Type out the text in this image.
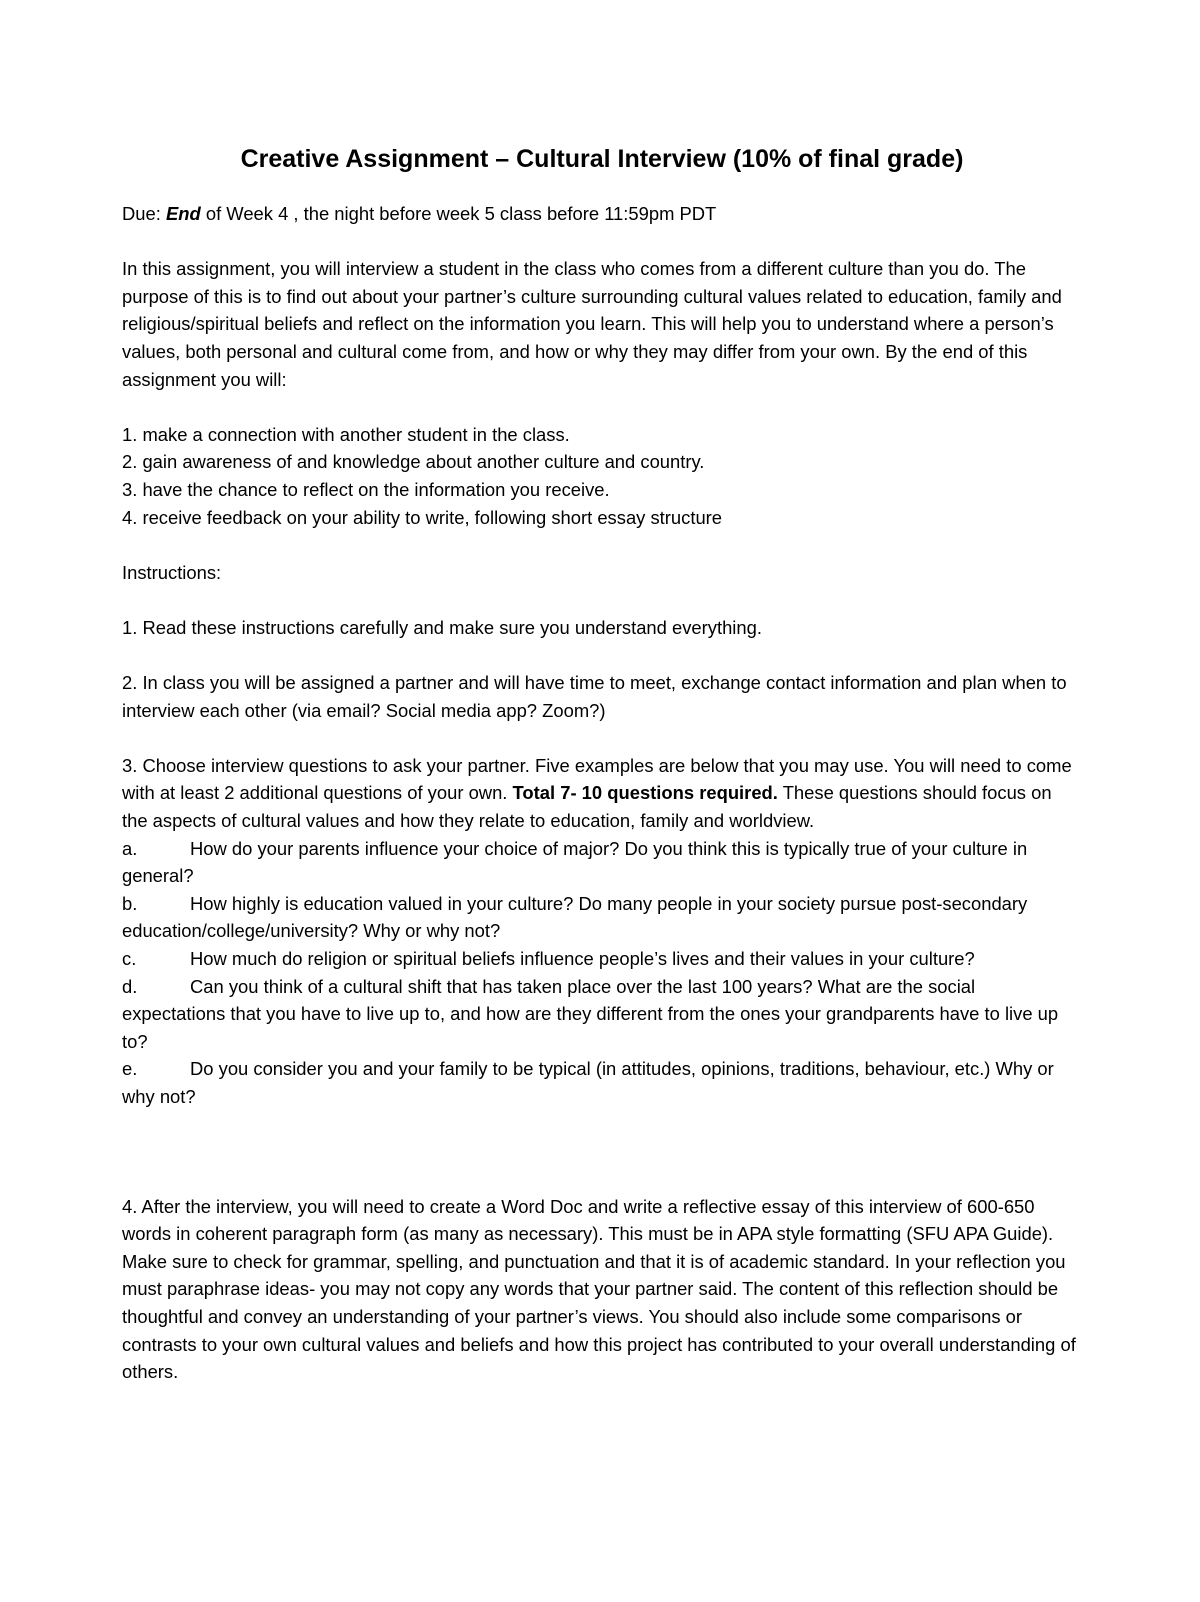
Creative Assignment – Cultural Interview (10% of final grade)

Due: End of Week 4 , the night before week 5 class before 11:59pm PDT

In this assignment, you will interview a student in the class who comes from a different culture than you do. The purpose of this is to find out about your partner’s culture surrounding cultural values related to education, family and religious/spiritual beliefs and reflect on the information you learn. This will help you to understand where a person’s values, both personal and cultural come from, and how or why they may differ from your own. By the end of this assignment you will:

1. make a connection with another student in the class.

2. gain awareness of and knowledge about another culture and country.

3. have the chance to reflect on the information you receive.

4. receive feedback on your ability to write, following short essay structure

Instructions:

1. Read these instructions carefully and make sure you understand everything.

2. In class you will be assigned a partner and will have time to meet, exchange contact information and plan when to interview each other (via email? Social media app? Zoom?)

3. Choose interview questions to ask your partner. Five examples are below that you may use. You will need to come with at least 2 additional questions of your own. Total 7- 10 questions required. These questions should focus on the aspects of cultural values and how they relate to education, family and worldview.

a.	How do your parents influence your choice of major? Do you think this is typically true of your culture in general?

b.	How highly is education valued in your culture? Do many people in your society pursue post-secondary education/college/university? Why or why not?

c.	How much do religion or spiritual beliefs influence people’s lives and their values in your culture?

d.	Can you think of a cultural shift that has taken place over the last 100 years? What are the social expectations that you have to live up to, and how are they different from the ones your grandparents have to live up to?

e.	Do you consider you and your family to be typical (in attitudes, opinions, traditions, behaviour, etc.) Why or why not?

4. After the interview, you will need to create a Word Doc and write a reflective essay of this interview of 600-650 words in coherent paragraph form (as many as necessary). This must be in APA style formatting (SFU APA Guide). Make sure to check for grammar, spelling, and punctuation and that it is of academic standard. In your reflection you must paraphrase ideas- you may not copy any words that your partner said. The content of this reflection should be thoughtful and convey an understanding of your partner’s views. You should also include some comparisons or contrasts to your own cultural values and beliefs and how this project has contributed to your overall understanding of others.
